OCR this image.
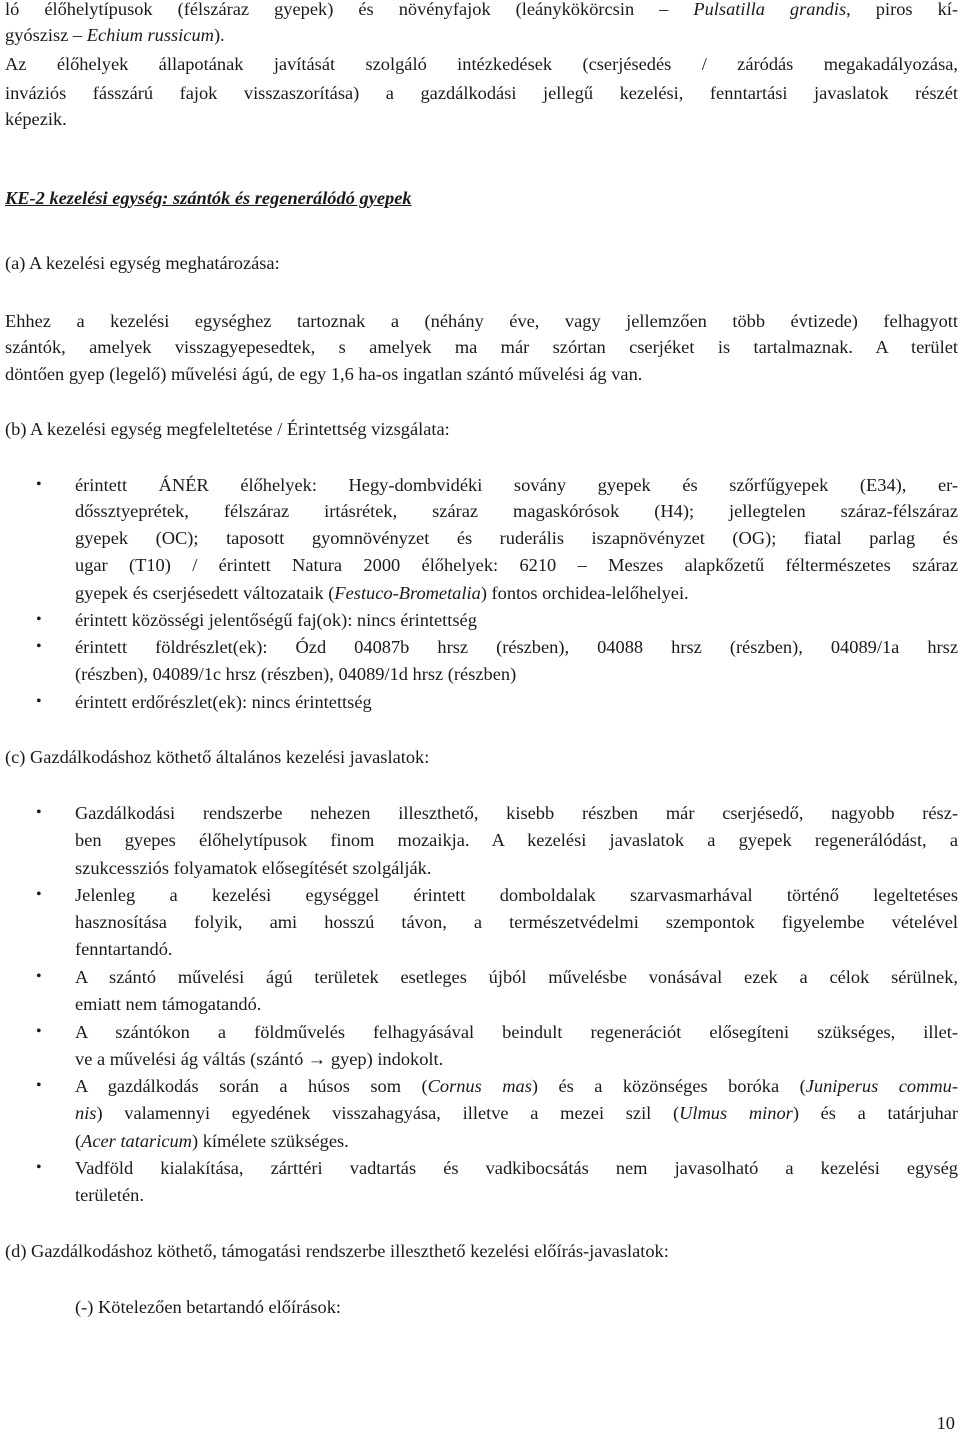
ló élőhelytípusok (félszáraz gyepek) és növényfajok (leánykökörcsin – Pulsatilla grandis, piros kí-
gyószisz – Echium russicum).
Az élőhelyek állapotának javítását szolgáló intézkedések (cserjésedés / záródás megakadályozása,
inváziós fásszárú fajok visszaszorítása) a gazdálkodási jellegű kezelési, fenntartási javaslatok részét
képezik.
KE-2 kezelési egység: szántók és regenerálódó gyepek
(a) A kezelési egység meghatározása:
Ehhez a kezelési egységhez tartoznak a (néhány éve, vagy jellemzően több évtizede) felhagyott
szántók, amelyek visszagyepesedtek, s amelyek ma már szórtan cserjéket is tartalmaznak. A terület
döntően gyep (legelő) művelési ágú, de egy 1,6 ha-os ingatlan szántó művelési ág van.
(b) A kezelési egység megfeleltetése / Érintettség vizsgálata:
• érintett ÁNÉR élőhelyek: Hegy-dombvidéki sovány gyepek és szőrfűgyepek (E34), er-
dőssztyeprétek, félszáraz irtásrétek, száraz magaskórósok (H4); jellegtelen száraz-félszáraz
gyepek (OC); taposott gyomnövényzet és ruderális iszapnövényzet (OG); fiatal parlag és
ugar (T10) / érintett Natura 2000 élőhelyek: 6210 – Meszes alapkőzetű féltermészetes száraz
gyepek és cserjésedett változataik (Festuco-Brometalia) fontos orchidea-lelőhelyei.
• érintett közösségi jelentőségű faj(ok): nincs érintettség
• érintett földrészlet(ek): Ózd 04087b hrsz (részben), 04088 hrsz (részben), 04089/1a hrsz
(részben), 04089/1c hrsz (részben), 04089/1d hrsz (részben)
• érintett erdőrészlet(ek): nincs érintettség
(c) Gazdálkodáshoz köthető általános kezelési javaslatok:
• Gazdálkodási rendszerbe nehezen illeszthető, kisebb részben már cserjésedő, nagyobb rész-
ben gyepes élőhelytípusok finom mozaikja. A kezelési javaslatok a gyepek regenerálódást, a
szukcessziós folyamatok elősegítését szolgálják.
• Jelenleg a kezelési egységgel érintett domboldalak szarvasmarhával történő legeltetéses
hasznosítása folyik, ami hosszú távon, a természetvédelmi szempontok figyelembe vételével
fenntartandó.
• A szántó művelési ágú területek esetleges újból művelésbe vonásával ezek a célok sérülnek,
emiatt nem támogatandó.
• A szántókon a földművelés felhagyásával beindult regenerációt elősegíteni szükséges, illet-
ve a művelési ág váltás (szántó → gyep) indokolt.
• A gazdálkodás során a húsos som (Cornus mas) és a közönséges boróka (Juniperus commu-
nis) valamennyi egyedének visszahagyása, illetve a mezei szil (Ulmus minor) és a tatárjuhar
(Acer tataricum) kímélete szükséges.
• Vadföld kialakítása, zárttéri vadtartás és vadkibocsátás nem javasolható a kezelési egység
területén.
(d) Gazdálkodáshoz köthető, támogatási rendszerbe illeszthető kezelési előírás-javaslatok:
(-) Kötelezően betartandó előírások:
10
